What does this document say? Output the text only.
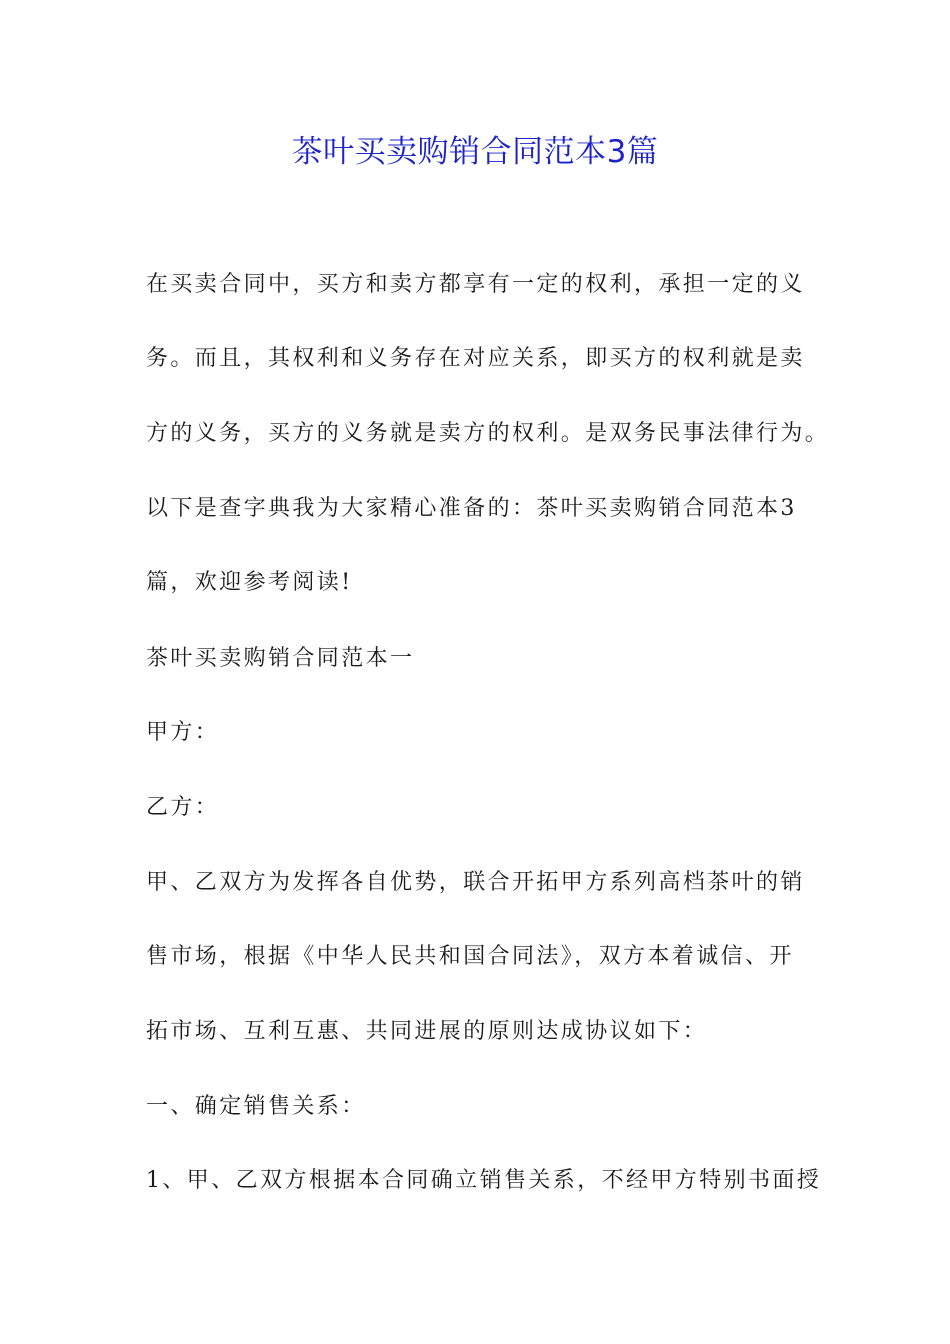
茶叶买卖购销合同范本3篇
在买卖合同中，买方和卖方都享有一定的权利，承担一定的义
务。而且，其权利和义务存在对应关系，即买方的权利就是卖
方的义务，买方的义务就是卖方的权利。是双务民事法律行为。
以下是查字典我为大家精心准备的：茶叶买卖购销合同范本3
篇，欢迎参考阅读!
茶叶买卖购销合同范本一
甲方：
乙方：
甲、乙双方为发挥各自优势，联合开拓甲方系列高档茶叶的销
售市场，根据《中华人民共和国合同法》，双方本着诚信、开
拓市场、互利互惠、共同进展的原则达成协议如下：
一、确定销售关系：
1、甲、乙双方根据本合同确立销售关系，不经甲方特别书面授
